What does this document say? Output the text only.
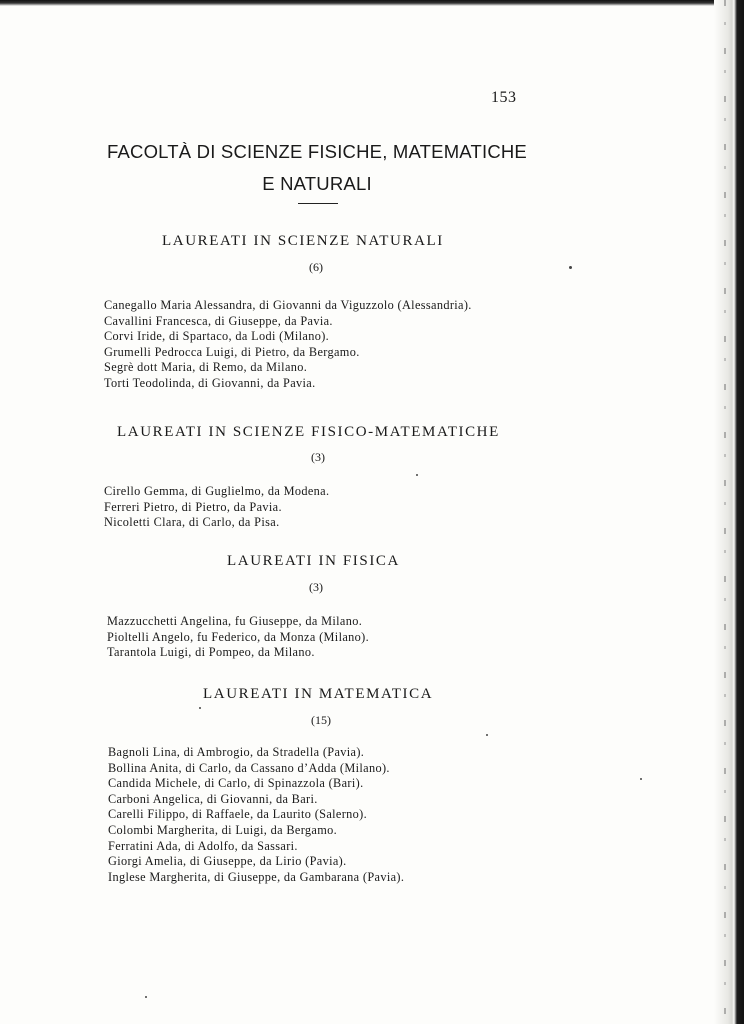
153
FACOLTÀ DI SCIENZE FISICHE, MATEMATICHE
E NATURALI
LAUREATI IN SCIENZE NATURALI
(6)
Canegallo Maria Alessandra, di Giovanni da Viguzzolo (Alessandria).
Cavallini Francesca, di Giuseppe, da Pavia.
Corvi Iride, di Spartaco, da Lodi (Milano).
Grumelli Pedrocca Luigi, di Pietro, da Bergamo.
Segrè dott Maria, di Remo, da Milano.
Torti Teodolinda, di Giovanni, da Pavia.
LAUREATI IN SCIENZE FISICO-MATEMATICHE
(3)
Cirello Gemma, di Guglielmo, da Modena.
Ferreri Pietro, di Pietro, da Pavia.
Nicoletti Clara, di Carlo, da Pisa.
LAUREATI IN FISICA
(3)
Mazzucchetti Angelina, fu Giuseppe, da Milano.
Pioltelli Angelo, fu Federico, da Monza (Milano).
Tarantola Luigi, di Pompeo, da Milano.
LAUREATI IN MATEMATICA
(15)
Bagnoli Lina, di Ambrogio, da Stradella (Pavia).
Bollina Anita, di Carlo, da Cassano d’Adda (Milano).
Candida Michele, di Carlo, di Spinazzola (Bari).
Carboni Angelica, di Giovanni, da Bari.
Carelli Filippo, di Raffaele, da Laurito (Salerno).
Colombi Margherita, di Luigi, da Bergamo.
Ferratini Ada, di Adolfo, da Sassari.
Giorgi Amelia, di Giuseppe, da Lirio (Pavia).
Inglese Margherita, di Giuseppe, da Gambarana (Pavia).
